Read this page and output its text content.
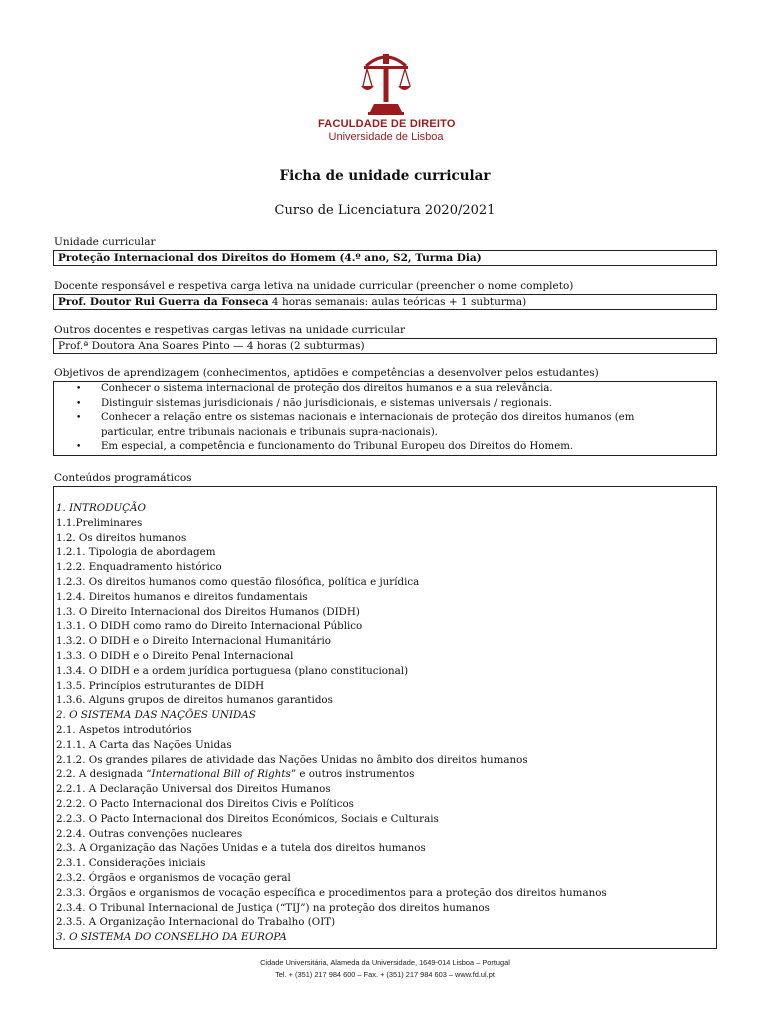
FACULDADE DE DIREITO
Universidade de Lisboa
Ficha de unidade curricular
Curso de Licenciatura 2020/2021
Unidade curricular
Proteção Internacional dos Direitos do Homem (4.º ano, S2, Turma Dia)
Docente responsável e respetiva carga letiva na unidade curricular (preencher o nome completo)
Prof. Doutor Rui Guerra da Fonseca 4 horas semanais: aulas teóricas + 1 subturma)
Outros docentes e respetivas cargas letivas na unidade curricular
Prof.ª Doutora Ana Soares Pinto — 4 horas (2 subturmas)
Objetivos de aprendizagem (conhecimentos, aptidões e competências a desenvolver pelos estudantes)
• Conhecer o sistema internacional de proteção dos direitos humanos e a sua relevância.
• Distinguir sistemas jurisdicionais / não jurisdicionais, e sistemas universais / regionais.
• Conhecer a relação entre os sistemas nacionais e internacionais de proteção dos direitos humanos (em
particular, entre tribunais nacionais e tribunais supra-nacionais).
• Em especial, a competência e funcionamento do Tribunal Europeu dos Direitos do Homem.
Conteúdos programáticos
1. INTRODUÇÃO
1.1.Preliminares
1.2. Os direitos humanos
1.2.1. Tipologia de abordagem
1.2.2. Enquadramento histórico
1.2.3. Os direitos humanos como questão filosófica, política e jurídica
1.2.4. Direitos humanos e direitos fundamentais
1.3. O Direito Internacional dos Direitos Humanos (DIDH)
1.3.1. O DIDH como ramo do Direito Internacional Público
1.3.2. O DIDH e o Direito Internacional Humanitário
1.3.3. O DIDH e o Direito Penal Internacional
1.3.4. O DIDH e a ordem jurídica portuguesa (plano constitucional)
1.3.5. Princípios estruturantes de DIDH
1.3.6. Alguns grupos de direitos humanos garantidos
2. O SISTEMA DAS NAÇÕES UNIDAS
2.1. Aspetos introdutórios
2.1.1. A Carta das Nações Unidas
2.1.2. Os grandes pilares de atividade das Nações Unidas no âmbito dos direitos humanos
2.2. A designada “International Bill of Rights” e outros instrumentos
2.2.1. A Declaração Universal dos Direitos Humanos
2.2.2. O Pacto Internacional dos Direitos Civis e Políticos
2.2.3. O Pacto Internacional dos Direitos Económicos, Sociais e Culturais
2.2.4. Outras convenções nucleares
2.3. A Organização das Nações Unidas e a tutela dos direitos humanos
2.3.1. Considerações iniciais
2.3.2. Órgãos e organismos de vocação geral
2.3.3. Órgãos e organismos de vocação específica e procedimentos para a proteção dos direitos humanos
2.3.4. O Tribunal Internacional de Justiça (“TIJ”) na proteção dos direitos humanos
2.3.5. A Organização Internacional do Trabalho (OIT)
3. O SISTEMA DO CONSELHO DA EUROPA
Cidade Universitária, Alameda da Universidade, 1649-014 Lisboa – Portugal
Tel. + (351) 217 984 600 – Fax. + (351) 217 984 603 – www.fd.ul.pt
